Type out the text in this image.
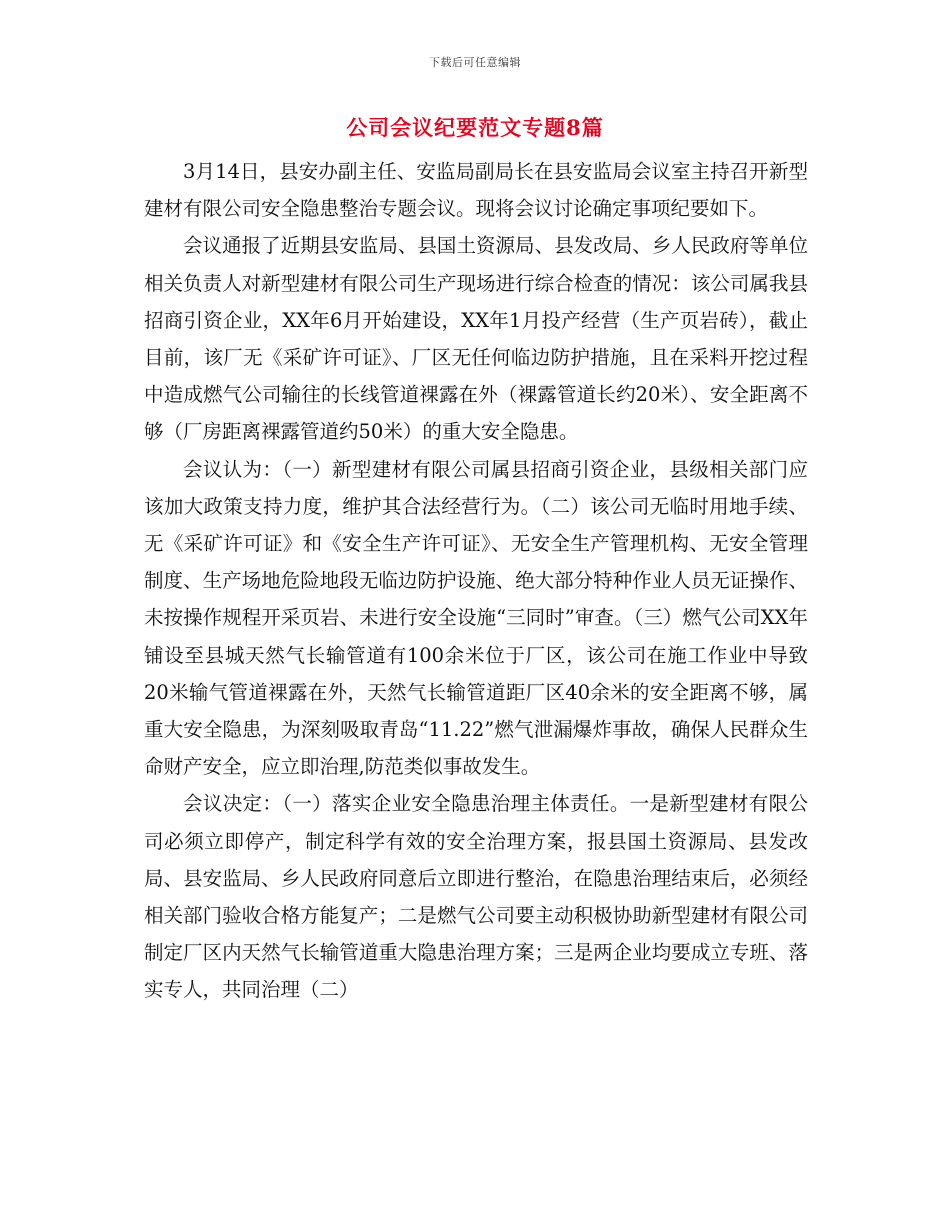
下载后可任意编辑
公司会议纪要范文专题8篇

3月14日，县安办副主任、安监局副局长在县安监局会议室主持召开新型建材有限公司安全隐患整治专题会议。现将会议讨论确定事项纪要如下。

会议通报了近期县安监局、县国土资源局、县发改局、乡人民政府等单位相关负责人对新型建材有限公司生产现场进行综合检查的情况：该公司属我县招商引资企业，XX年6月开始建设，XX年1月投产经营（生产页岩砖），截止目前，该厂无《采矿许可证》、厂区无任何临边防护措施，且在采料开挖过程中造成燃气公司输往的长线管道裸露在外（裸露管道长约20米）、安全距离不够（厂房距离裸露管道约50米）的重大安全隐患。

会议认为：（一）新型建材有限公司属县招商引资企业，县级相关部门应该加大政策支持力度，维护其合法经营行为。（二）该公司无临时用地手续、无《采矿许可证》和《安全生产许可证》、无安全生产管理机构、无安全管理制度、生产场地危险地段无临边防护设施、绝大部分特种作业人员无证操作、未按操作规程开采页岩、未进行安全设施“三同时”审查。（三）燃气公司XX年铺设至县城天然气长输管道有100余米位于厂区，该公司在施工作业中导致20米输气管道裸露在外，天然气长输管道距厂区40余米的安全距离不够，属重大安全隐患，为深刻吸取青岛“11.22”燃气泄漏爆炸事故，确保人民群众生命财产安全，应立即治理,防范类似事故发生。

会议决定：（一）落实企业安全隐患治理主体责任。一是新型建材有限公司必须立即停产，制定科学有效的安全治理方案，报县国土资源局、县发改局、县安监局、乡人民政府同意后立即进行整治，在隐患治理结束后，必须经相关部门验收合格方能复产；二是燃气公司要主动积极协助新型建材有限公司制定厂区内天然气长输管道重大隐患治理方案；三是两企业均要成立专班、落实专人，共同治理（二）
